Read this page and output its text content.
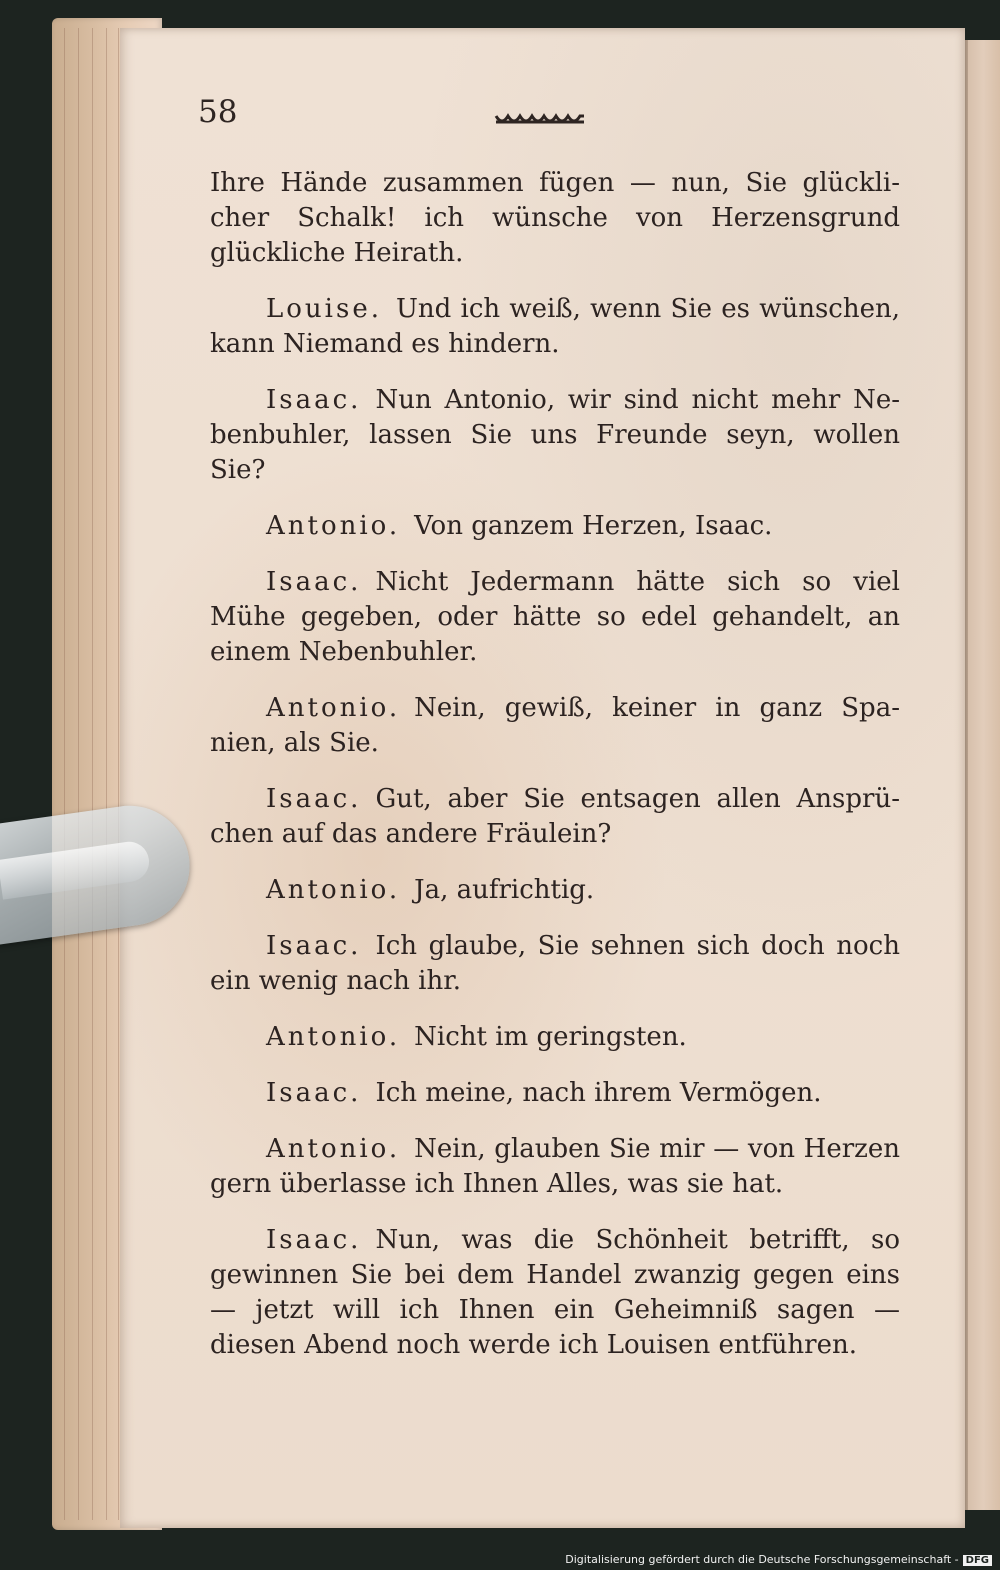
58

Ihre Hände zusammen fügen — nun, Sie glückli- cher Schalk! ich wünsche von Herzensgrund glückliche Heirath.

Louise. Und ich weiß, wenn Sie es wünschen, kann Niemand es hindern.

Isaac. Nun Antonio, wir sind nicht mehr Ne- benbuhler, lassen Sie uns Freunde seyn, wollen Sie?

Antonio. Von ganzem Herzen, Isaac.

Isaac. Nicht Jedermann hätte sich so viel Mühe gegeben, oder hätte so edel gehandelt, an einem Nebenbuhler.

Antonio. Nein, gewiß, keiner in ganz Spa- nien, als Sie.

Isaac. Gut, aber Sie entsagen allen Ansprü- chen auf das andere Fräulein?

Antonio. Ja, aufrichtig.

Isaac. Ich glaube, Sie sehnen sich doch noch ein wenig nach ihr.

Antonio. Nicht im geringsten.

Isaac. Ich meine, nach ihrem Vermögen.

Antonio. Nein, glauben Sie mir — von Herzen gern überlasse ich Ihnen Alles, was sie hat.

Isaac. Nun, was die Schönheit betrifft, so gewinnen Sie bei dem Handel zwanzig gegen eins — jetzt will ich Ihnen ein Geheimniß sagen — diesen Abend noch werde ich Louisen entführen.

Digitalisierung gefördert durch die Deutsche Forschungsgemeinschaft - DFG
